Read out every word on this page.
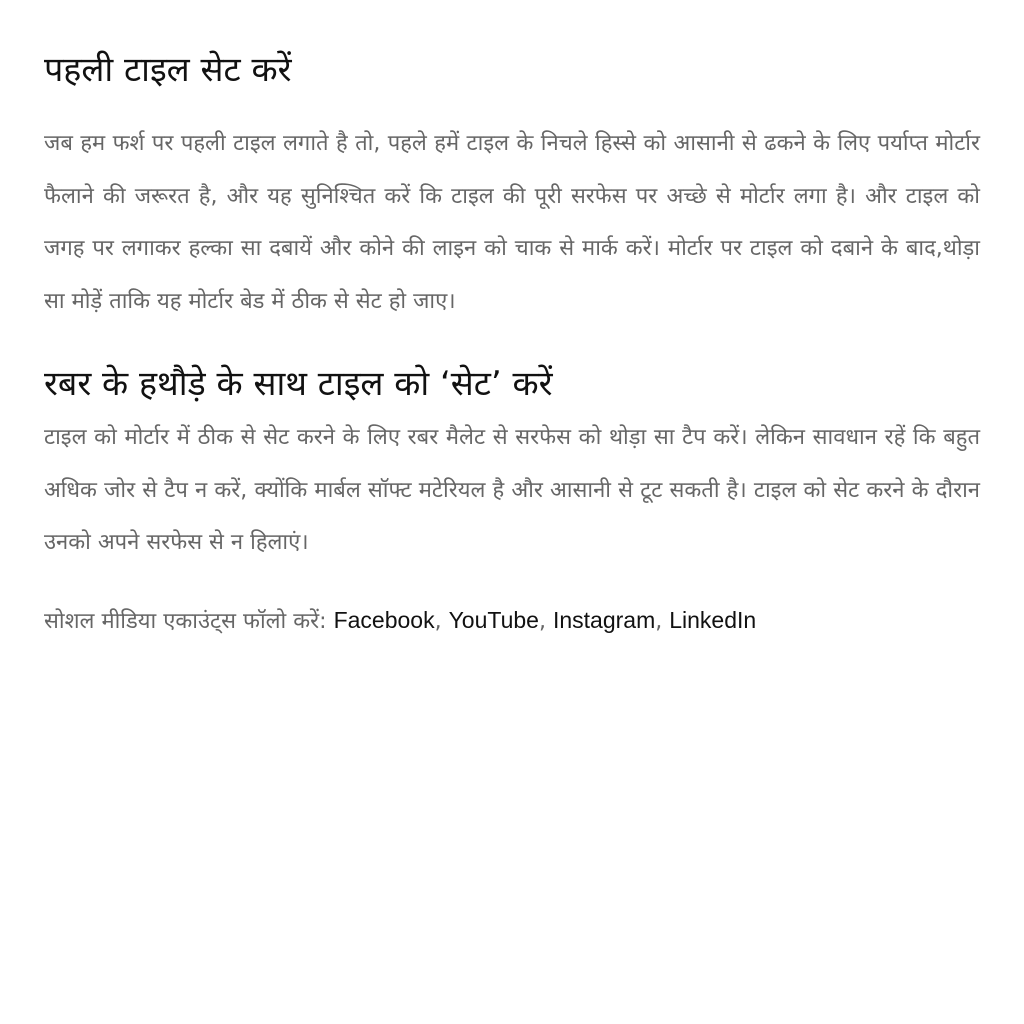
पहली टाइल सेट करें

जब हम फर्श पर पहली टाइल लगाते है तो, पहले हमें टाइल के निचले हिस्से को आसानी से ढकने के लिए पर्याप्त मोर्टार फैलाने की जरूरत है, और यह सुनिश्चित करें कि टाइल की पूरी सरफेस पर अच्छे से मोर्टार लगा है। और टाइल को जगह पर लगाकर हल्का सा दबायें और कोने की लाइन को चाक से मार्क करें। मोर्टार पर टाइल को दबाने के बाद,थोड़ा सा मोड़ें ताकि यह मोर्टार बेड में ठीक से सेट हो जाए।

रबर के हथौड़े के साथ टाइल को ‘सेट’ करें

टाइल को मोर्टार में ठीक से सेट करने के लिए रबर मैलेट से सरफेस को थोड़ा सा टैप करें। लेकिन सावधान रहें कि बहुत अधिक जोर से टैप न करें, क्योंकि मार्बल सॉफ्ट मटेरियल है और आसानी से टूट सकती है। टाइल को सेट करने के दौरान उनको अपने सरफेस से न हिलाएं।

सोशल मीडिया एकाउंट्स फॉलो करें: Facebook, YouTube, Instagram, LinkedIn
